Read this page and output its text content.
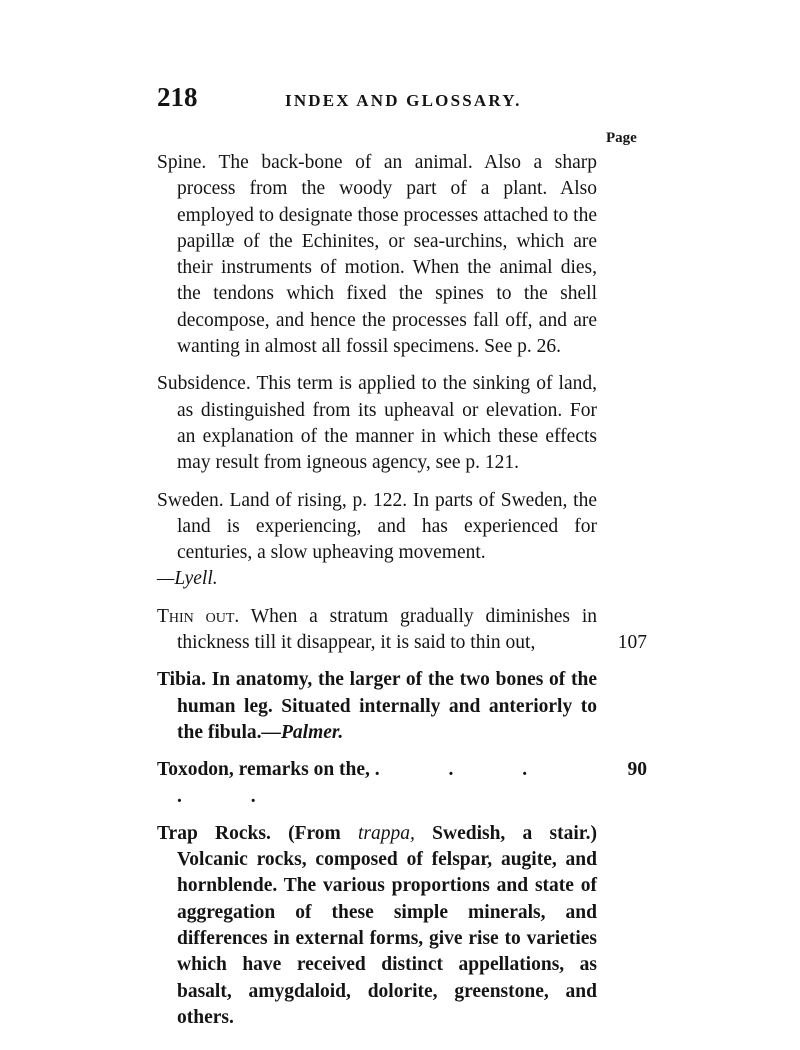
218	INDEX AND GLOSSARY.
Page

Spine. The back-bone of an animal. Also a sharp process from the woody part of a plant. Also employed to designate those processes attached to the papillæ of the Echinites, or sea-urchins, which are their instruments of motion. When the animal dies, the tendons which fixed the spines to the shell decompose, and hence the processes fall off, and are wanting in almost all fossil specimens. See p. 26.

Subsidence. This term is applied to the sinking of land, as distinguished from its upheaval or elevation. For an explanation of the manner in which these effects may result from igneous agency, see p. 121.

Sweden. Land of rising, p. 122. In parts of Sweden, the land is experiencing, and has experienced for centuries, a slow upheaving movement.
—Lyell.

Thin out. When a stratum gradually diminishes in thickness till it disappear, it is said to thin out,	107

Tibia. In anatomy, the larger of the two bones of the human leg. Situated internally and anteriorly to the fibula.—Palmer.

Toxodon, remarks on the, . . . . .
90

Trap Rocks. (From trappa, Swedish, a stair.) Volcanic rocks, composed of felspar, augite, and hornblende. The various proportions and state of aggregation of these simple minerals, and differences in external forms, give rise to varieties which have received distinct appellations, as basalt, amygdaloid, dolorite, greenstone, and others.
